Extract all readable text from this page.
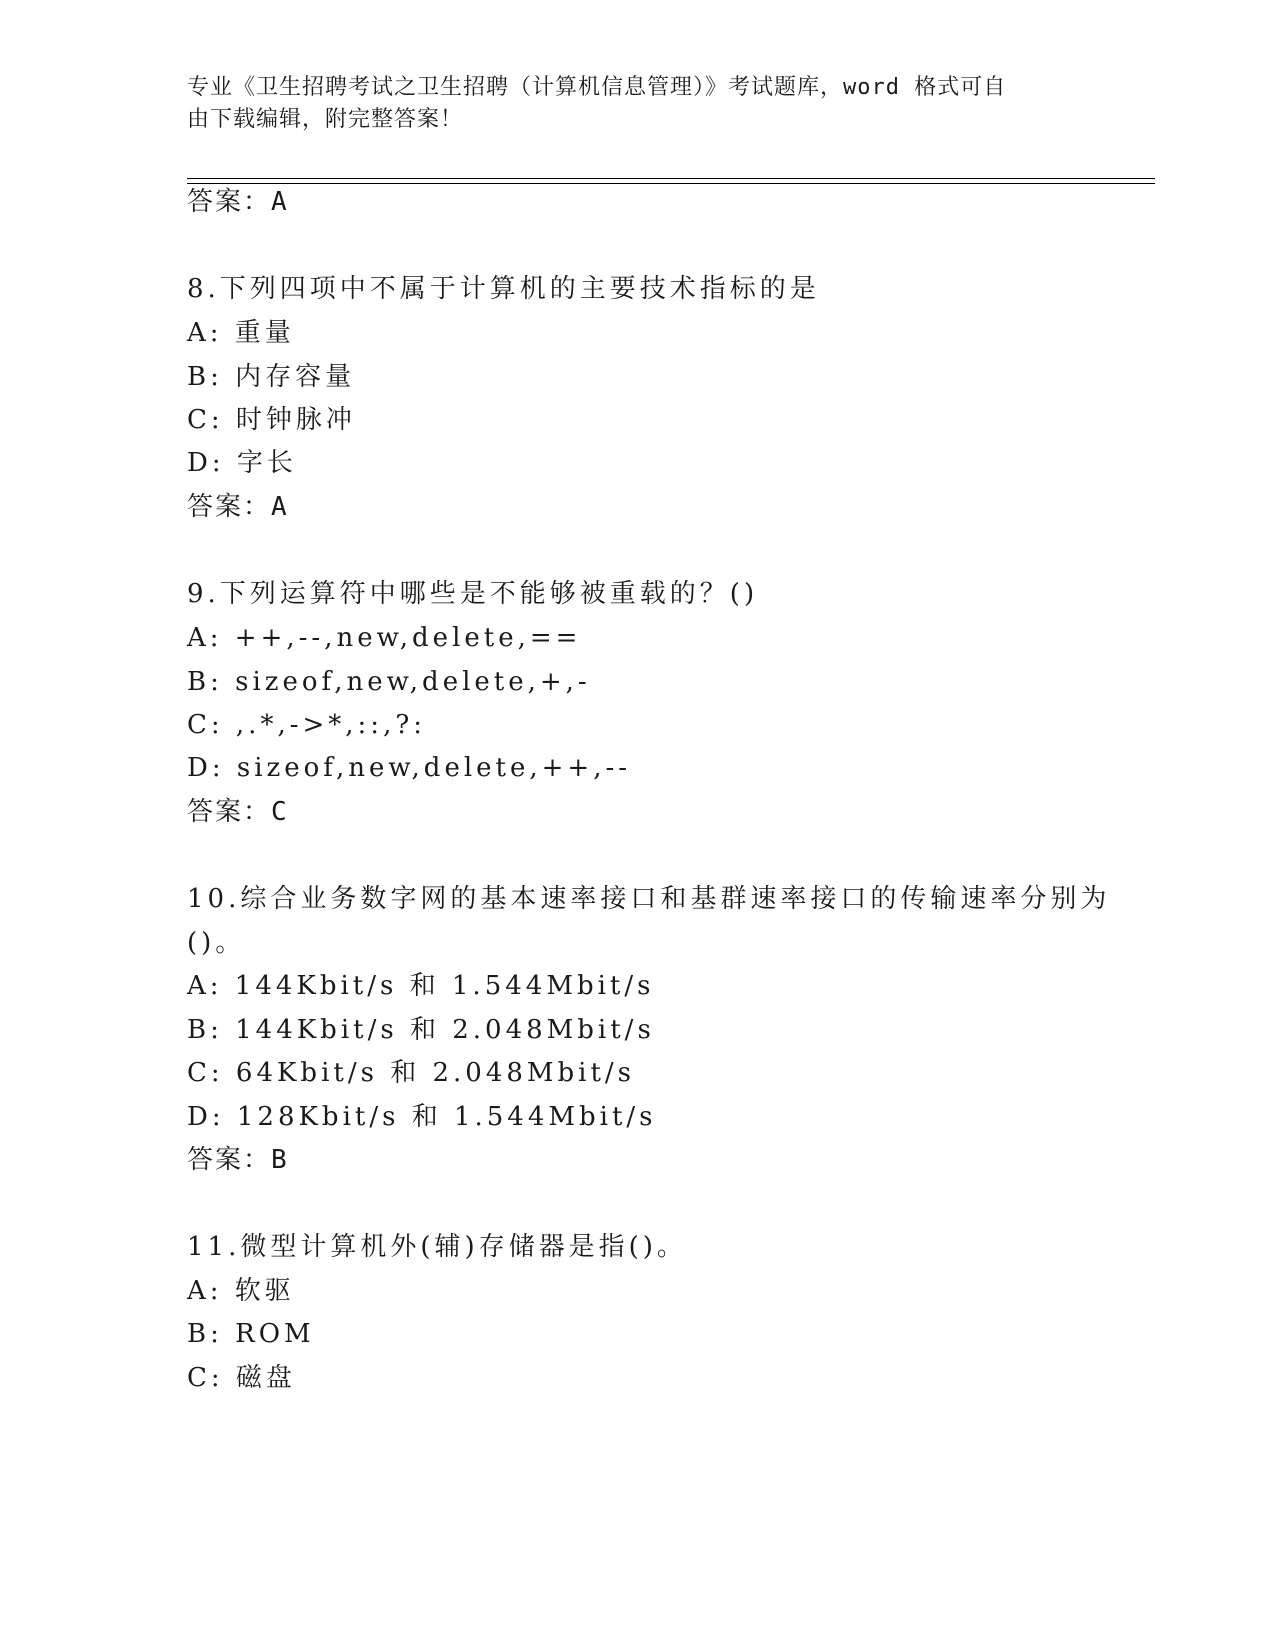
专业《卫生招聘考试之卫生招聘（计算机信息管理）》考试题库，word 格式可自
由下载编辑，附完整答案！
答案：A
8.下列四项中不属于计算机的主要技术指标的是
A: 重量
B: 内存容量
C: 时钟脉冲
D: 字长
答案：A
9.下列运算符中哪些是不能够被重载的？()
A: ++,--,new,delete,==
B: sizeof,new,delete,+,-
C: ,.*,->*,::,?:
D: sizeof,new,delete,++,--
答案：C
10.综合业务数字网的基本速率接口和基群速率接口的传输速率分别为
()。
A: 144Kbit/s 和 1.544Mbit/s
B: 144Kbit/s 和 2.048Mbit/s
C: 64Kbit/s 和 2.048Mbit/s
D: 128Kbit/s 和 1.544Mbit/s
答案：B
11.微型计算机外(辅)存储器是指()。
A: 软驱
B: ROM
C: 磁盘
